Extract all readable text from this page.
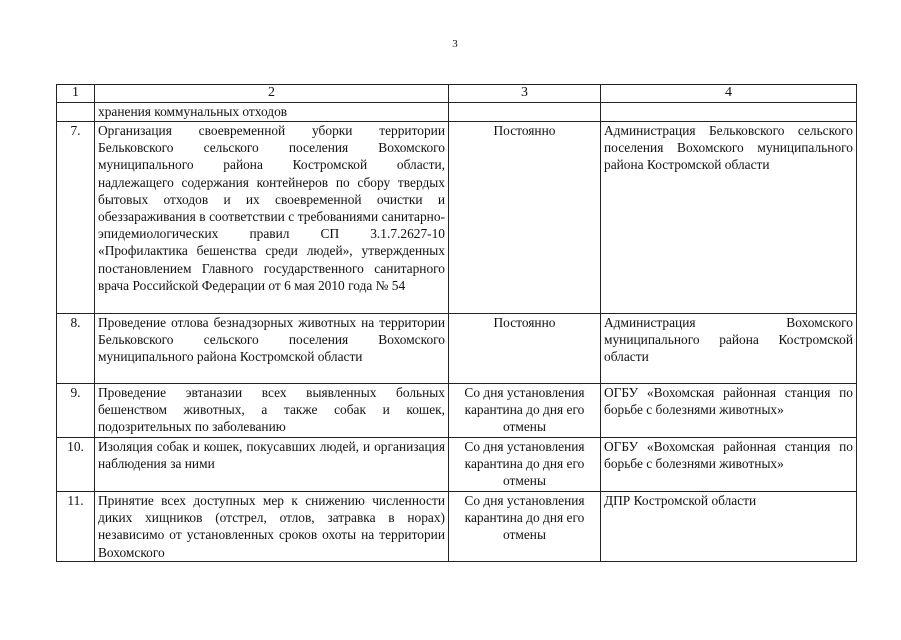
3
1	2	3	4
	хранения коммунальных отходов		
7.	Организация своевременной уборки территории Бельковского сельского поселения Вохомского муниципального района Костромской области, надлежащего содержания контейнеров по сбору твердых бытовых отходов и их своевременной очистки и обеззараживания в соответствии с требованиями санитарно-эпидемиологических правил СП 3.1.7.2627-10 «Профилактика бешенства среди людей», утвержденных постановлением Главного государственного санитарного врача Российской Федерации от 6 мая 2010 года № 54	Постоянно	Администрация Бельковского сельского поселения Вохомского муниципального района Костромской области
8.	Проведение отлова безнадзорных животных на территории Бельковского сельского поселения Вохомского муниципального района Костромской области	Постоянно	Администрация Вохомского муниципального района Костромской области
9.	Проведение эвтаназии всех выявленных больных бешенством животных, а также собак и кошек, подозрительных по заболеванию	Со дня установления карантина до дня его отмены	ОГБУ «Вохомская районная станция по борьбе с болезнями животных»
10.	Изоляция собак и кошек, покусавших людей, и организация наблюдения за ними	Со дня установления карантина до дня его отмены	ОГБУ «Вохомская районная станция по борьбе с болезнями животных»
11.	Принятие всех доступных мер к снижению численности диких хищников (отстрел, отлов, затравка в норах) независимо от установленных сроков охоты на территории Вохомского	Со дня установления карантина до дня его отмены	ДПР Костромской области
